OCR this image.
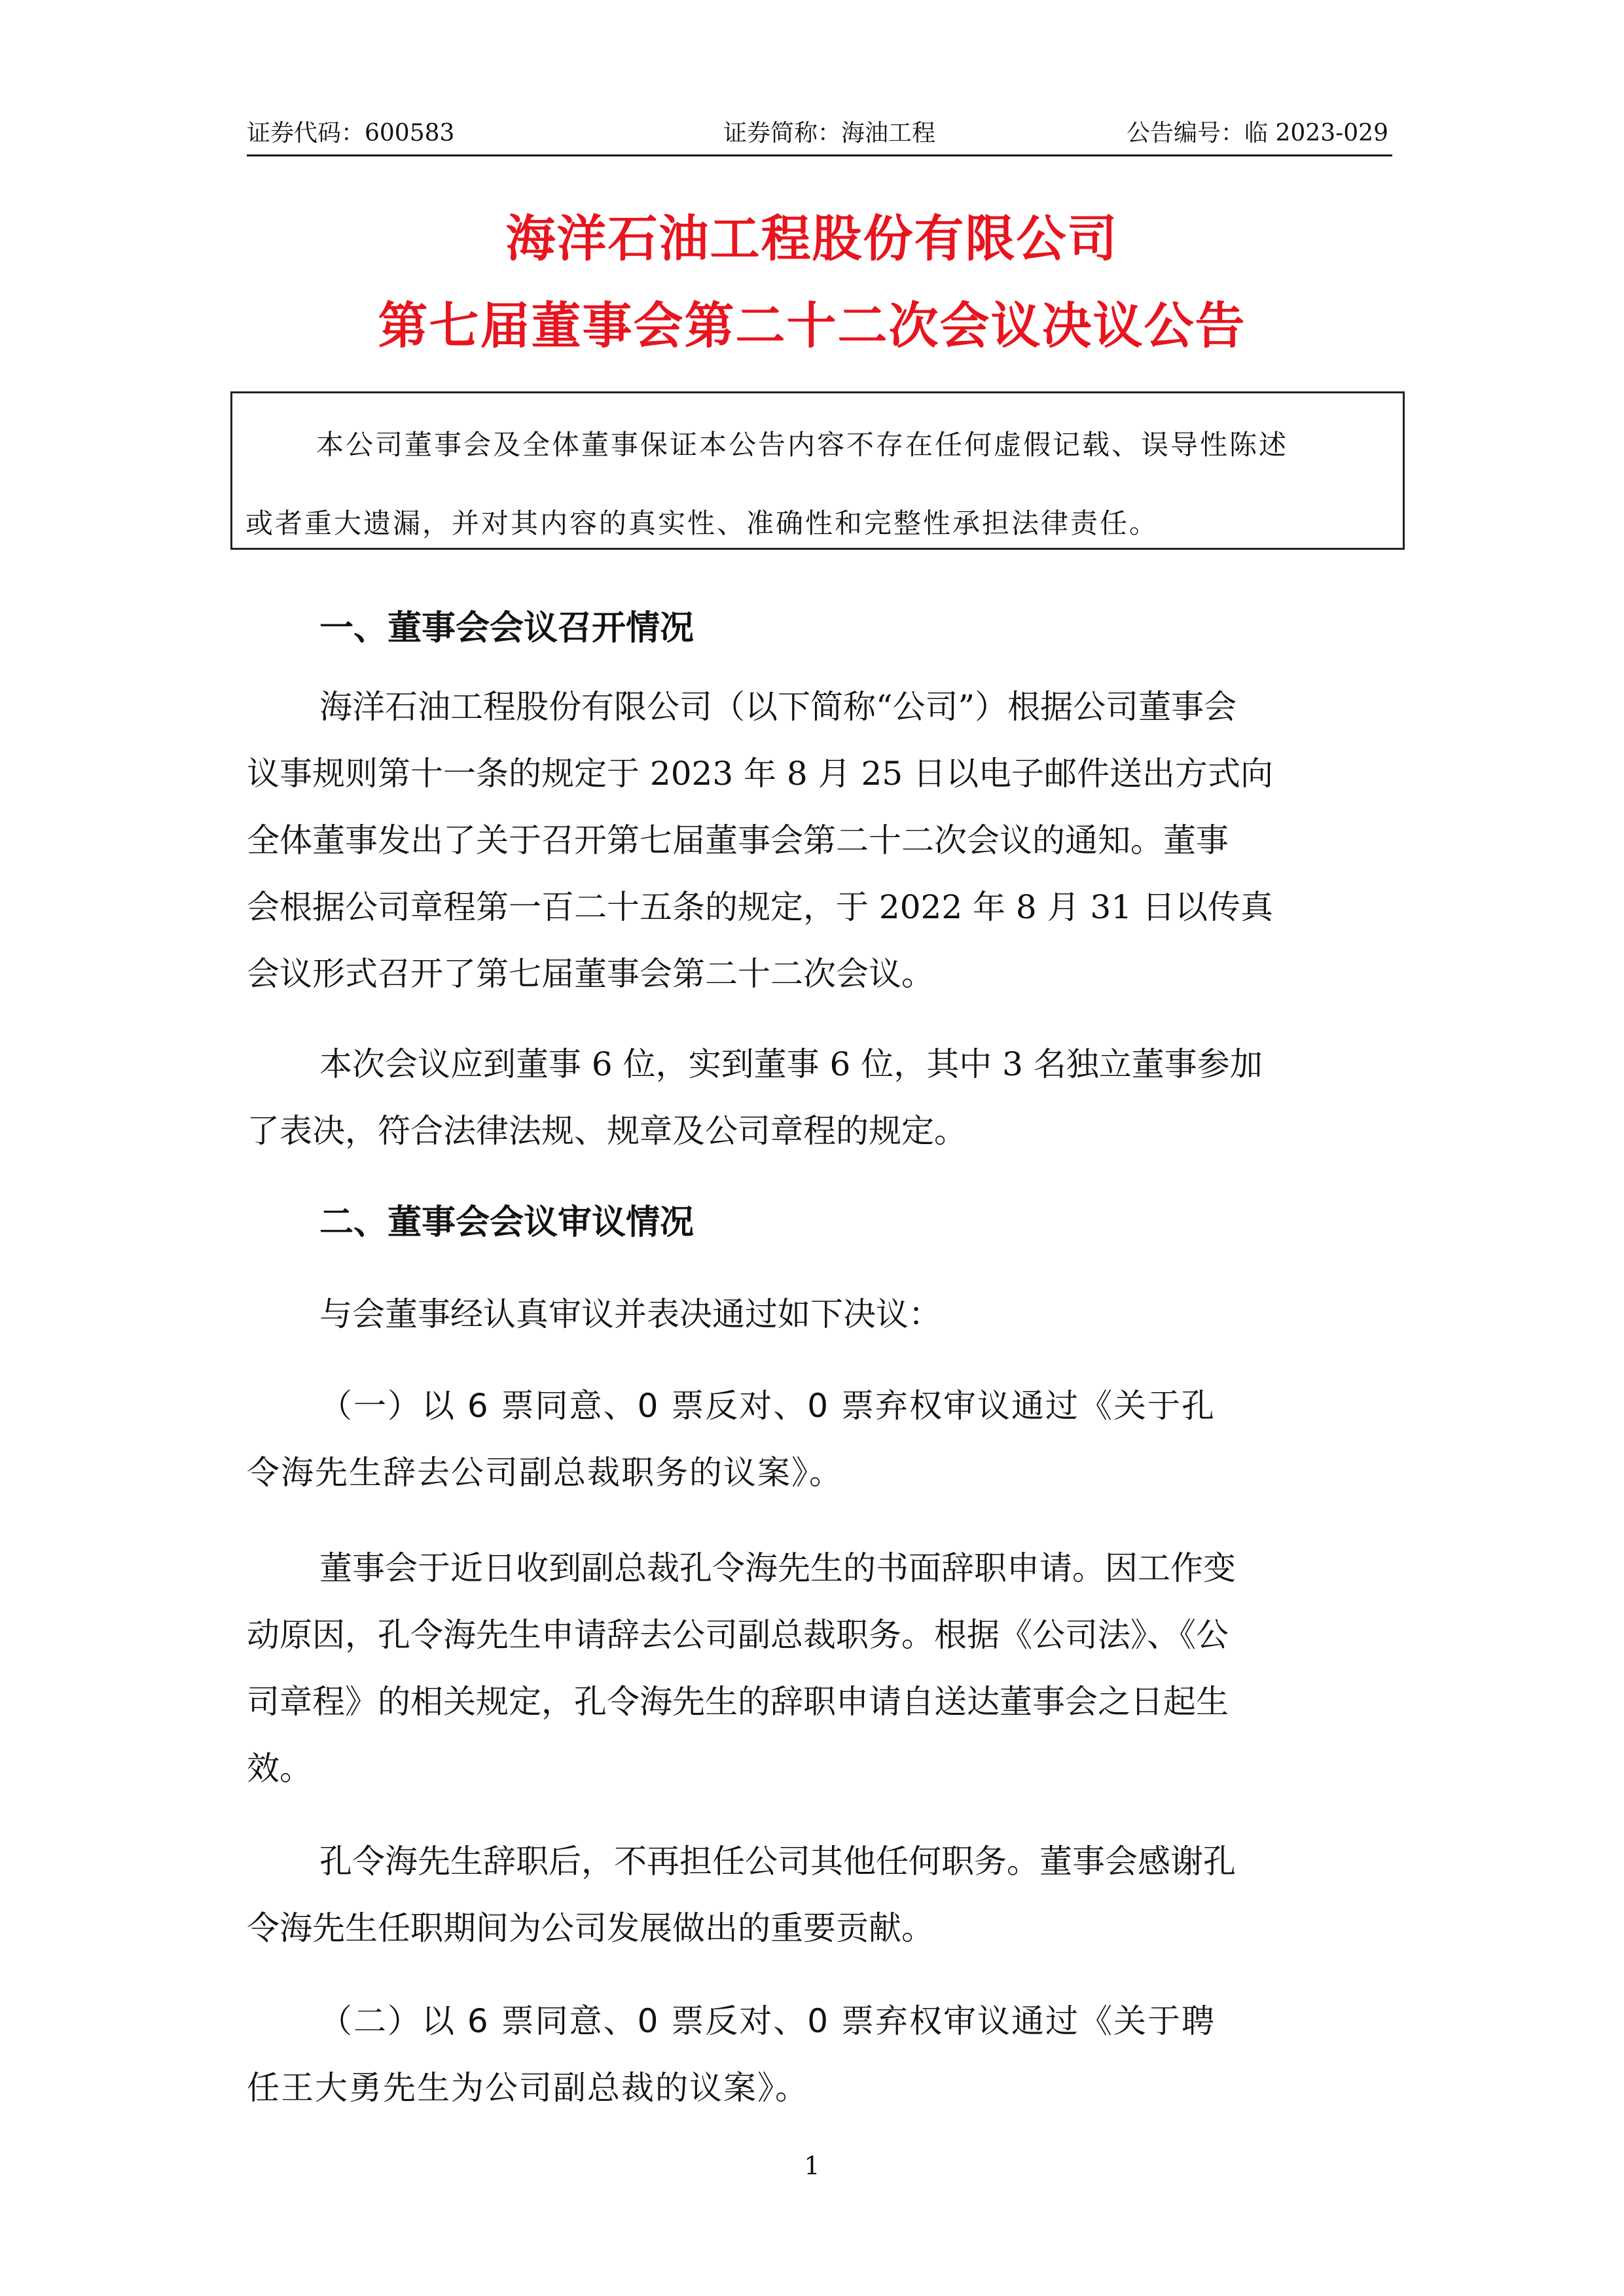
证券代码：600583	证券简称：海油工程	公告编号：临 2023-029
海洋石油工程股份有限公司
第七届董事会第二十二次会议决议公告
本公司董事会及全体董事保证本公告内容不存在任何虚假记载、误导性陈述
或者重大遗漏，并对其内容的真实性、准确性和完整性承担法律责任。
一、董事会会议召开情况
海洋石油工程股份有限公司（以下简称“公司”）根据公司董事会
议事规则第十一条的规定于 2023 年 8 月 25 日以电子邮件送出方式向
全体董事发出了关于召开第七届董事会第二十二次会议的通知。董事
会根据公司章程第一百二十五条的规定，于 2022 年 8 月 31 日以传真
会议形式召开了第七届董事会第二十二次会议。
本次会议应到董事 6 位，实到董事 6 位，其中 3 名独立董事参加
了表决，符合法律法规、规章及公司章程的规定。
二、董事会会议审议情况
与会董事经认真审议并表决通过如下决议：
（一）以 6 票同意、0 票反对、0 票弃权审议通过《关于孔
令海先生辞去公司副总裁职务的议案》。
董事会于近日收到副总裁孔令海先生的书面辞职申请。因工作变
动原因，孔令海先生申请辞去公司副总裁职务。根据《公司法》、《公
司章程》的相关规定，孔令海先生的辞职申请自送达董事会之日起生
效。
孔令海先生辞职后，不再担任公司其他任何职务。董事会感谢孔
令海先生任职期间为公司发展做出的重要贡献。
（二）以 6 票同意、0 票反对、0 票弃权审议通过《关于聘
任王大勇先生为公司副总裁的议案》。
1
